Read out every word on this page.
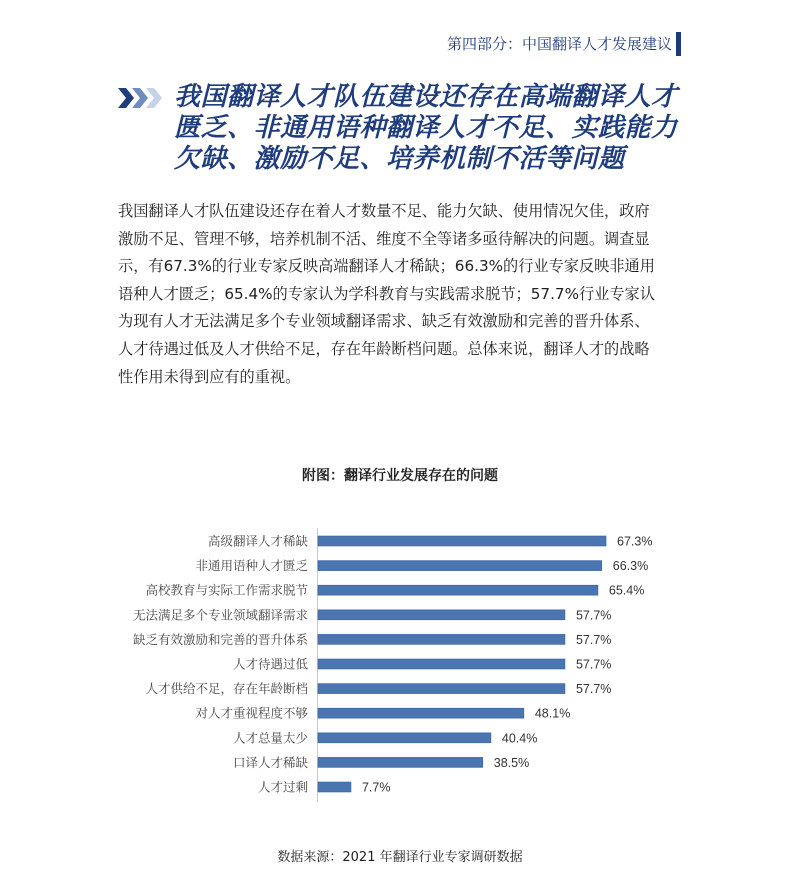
第四部分：中国翻译人才发展建议
我国翻译人才队伍建设还存在高端翻译人才
匮乏、非通用语种翻译人才不足、实践能力
欠缺、激励不足、培养机制不活等问题
我国翻译人才队伍建设还存在着人才数量不足、能力欠缺、使用情况欠佳，政府
激励不足、管理不够，培养机制不活、维度不全等诸多亟待解决的问题。调查显
示，有67.3%的行业专家反映高端翻译人才稀缺；66.3%的行业专家反映非通用
语种人才匮乏；65.4%的专家认为学科教育与实践需求脱节；57.7%行业专家认
为现有人才无法满足多个专业领域翻译需求、缺乏有效激励和完善的晋升体系、
人才待遇过低及人才供给不足，存在年龄断档问题。总体来说，翻译人才的战略
性作用未得到应有的重视。
附图：翻译行业发展存在的问题
高级翻译人才稀缺	67.3%
非通用语种人才匮乏	66.3%
高校教育与实际工作需求脱节	65.4%
无法满足多个专业领域翻译需求	57.7%
缺乏有效激励和完善的晋升体系	57.7%
人才待遇过低	57.7%
人才供给不足，存在年龄断档	57.7%
对人才重视程度不够	48.1%
人才总量太少	40.4%
口译人才稀缺	38.5%
人才过剩	7.7%
数据来源：2021 年翻译行业专家调研数据
